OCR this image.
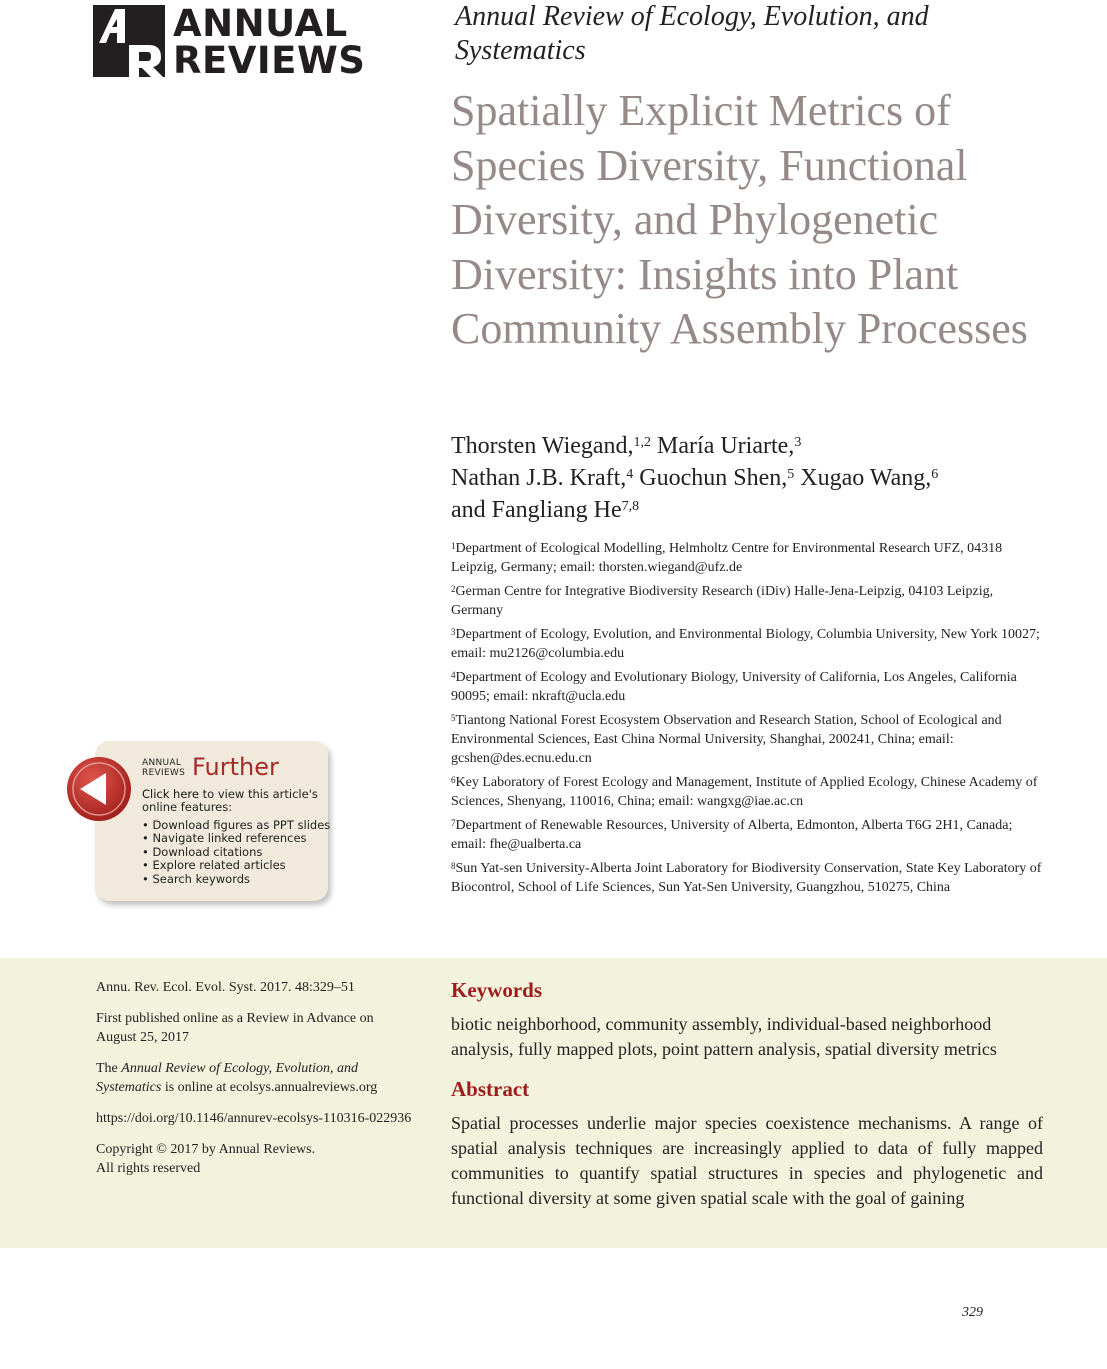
ANNUAL
REVIEWS
Annual Review of Ecology, Evolution, and Systematics
Spatially Explicit Metrics of Species Diversity, Functional Diversity, and Phylogenetic Diversity: Insights into Plant Community Assembly Processes
Thorsten Wiegand,$^{1,2}$ María Uriarte,$^3$
Nathan J.B. Kraft,$^4$ Guochun Shen,$^5$ Xugao Wang,$^6$
and Fangliang He$^{7,8}$
$^1$Department of Ecological Modelling, Helmholtz Centre for Environmental Research UFZ, 04318 Leipzig, Germany; email: thorsten.wiegand@ufz.de
$^2$German Centre for Integrative Biodiversity Research (iDiv) Halle-Jena-Leipzig, 04103 Leipzig, Germany
$^3$Department of Ecology, Evolution, and Environmental Biology, Columbia University, New York 10027; email: mu2126@columbia.edu
$^4$Department of Ecology and Evolutionary Biology, University of California, Los Angeles, California 90095; email: nkraft@ucla.edu
$^5$Tiantong National Forest Ecosystem Observation and Research Station, School of Ecological and Environmental Sciences, East China Normal University, Shanghai, 200241, China; email: gcshen@des.ecnu.edu.cn
$^6$Key Laboratory of Forest Ecology and Management, Institute of Applied Ecology, Chinese Academy of Sciences, Shenyang, 110016, China; email: wangxg@iae.ac.cn
$^7$Department of Renewable Resources, University of Alberta, Edmonton, Alberta T6G 2H1, Canada; email: fhe@ualberta.ca
$^8$Sun Yat-sen University-Alberta Joint Laboratory for Biodiversity Conservation, State Key Laboratory of Biocontrol, School of Life Sciences, Sun Yat-Sen University, Guangzhou, 510275, China
ANNUAL
REVIEWS Further
Click here to view this article's online features:
• Download figures as PPT slides
• Navigate linked references
• Download citations
• Explore related articles
• Search keywords

Annu. Rev. Ecol. Evol. Syst. 2017. 48:329–51

First published online as a Review in Advance on August 25, 2017

The Annual Review of Ecology, Evolution, and Systematics is online at ecolsys.annualreviews.org

https://doi.org/10.1146/annurev-ecolsys-110316-022936

Copyright © 2017 by Annual Reviews.
All rights reserved

Keywords
biotic neighborhood, community assembly, individual-based neighborhood analysis, fully mapped plots, point pattern analysis, spatial diversity metrics
Abstract
Spatial processes underlie major species coexistence mechanisms. A range of spatial analysis techniques are increasingly applied to data of fully mapped communities to quantify spatial structures in species and phylogenetic and functional diversity at some given spatial scale with the goal of gaining
329
